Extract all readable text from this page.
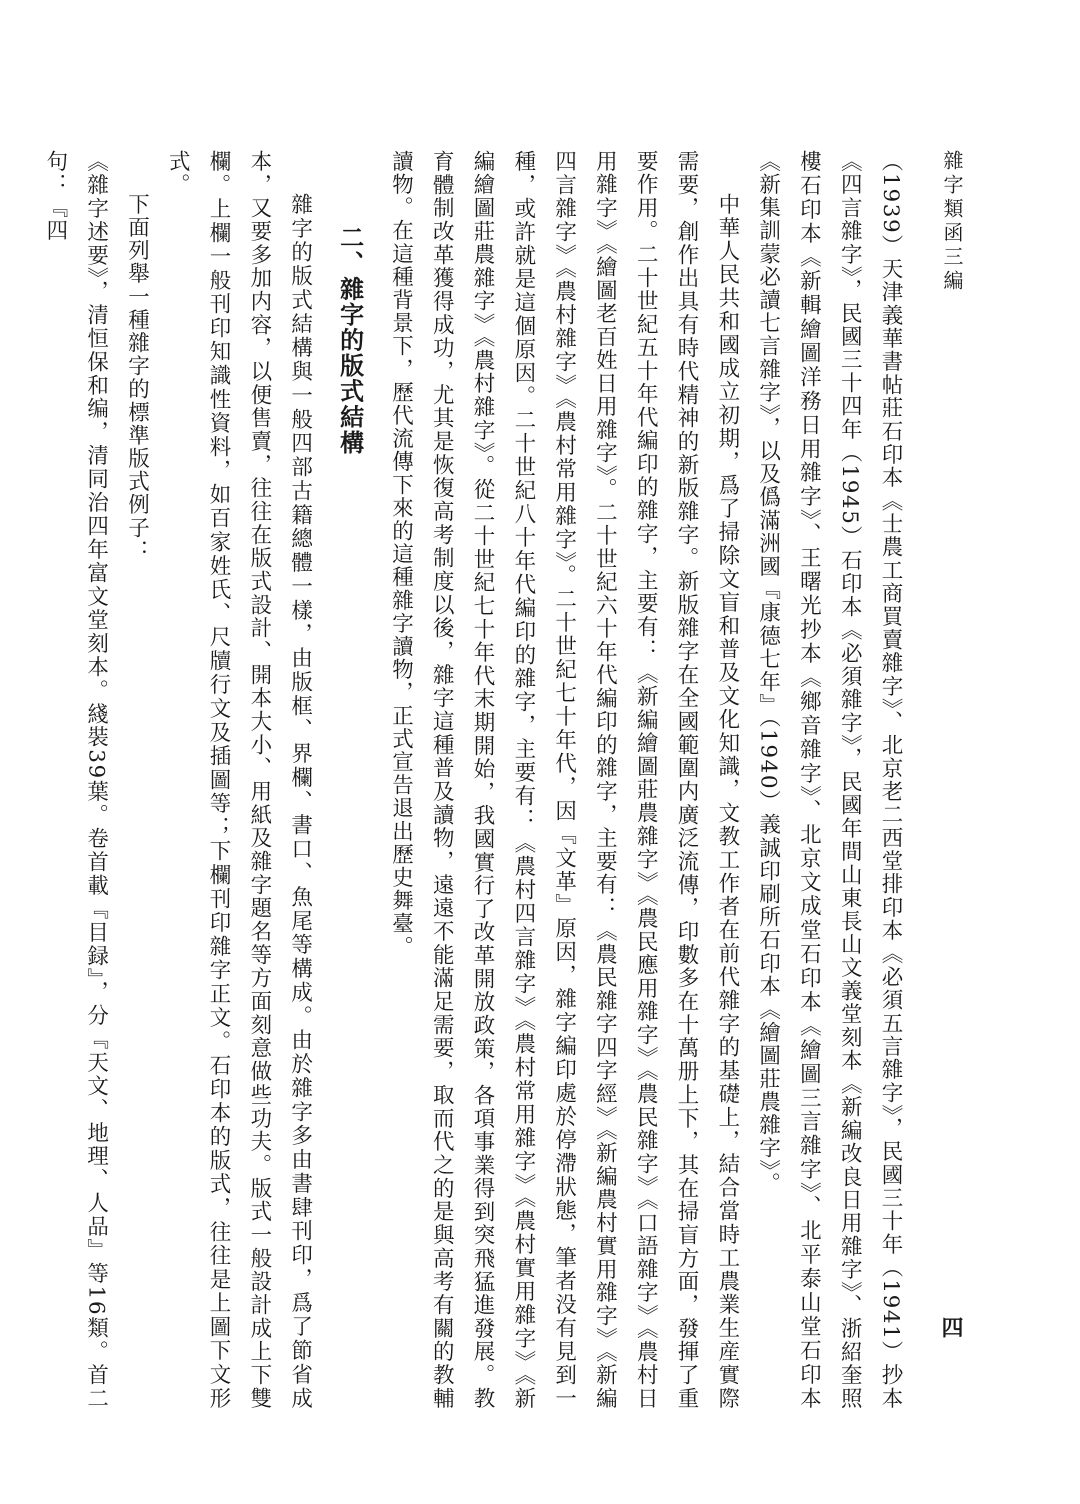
雜字類函三編
四

（1939）天津義華書帖莊石印本《士農工商買賣雜字》、北京老二西堂排印本《必須五言雜字》，民國三十年（1941）抄本《四言雜字》，民國三十四年（1945）石印本《必須雜字》，民國年間山東長山文義堂刻本《新編改良日用雜字》、浙紹奎照樓石印本《新輯繪圖洋務日用雜字》、王曙光抄本《鄉音雜字》、北京文成堂石印本《繪圖三言雜字》、北平泰山堂石印本《新集訓蒙必讀七言雜字》，以及僞滿洲國『康德七年』（1940）義誠印刷所石印本《繪圖莊農雜字》。

中華人民共和國成立初期，爲了掃除文盲和普及文化知識，文教工作者在前代雜字的基礎上，結合當時工農業生産實際需要，創作出具有時代精神的新版雜字。新版雜字在全國範圍内廣泛流傳，印數多在十萬册上下，其在掃盲方面，發揮了重要作用。二十世紀五十年代編印的雜字，主要有：《新編繪圖莊農雜字》《農民應用雜字》《農民雜字》《口語雜字》《農村日用雜字》《繪圖老百姓日用雜字》。二十世紀六十年代編印的雜字，主要有：《農民雜字四字經》《新編農村實用雜字》《新編四言雜字》《農村雜字》《農村常用雜字》。二十世紀七十年代，因『文革』原因，雜字編印處於停滯狀態，筆者没有見到一種，或許就是這個原因。二十世紀八十年代編印的雜字，主要有：《農村四言雜字》《農村常用雜字》《農村實用雜字》《新編繪圖莊農雜字》《農村雜字》。從二十世紀七十年代末期開始，我國實行了改革開放政策，各項事業得到突飛猛進發展。教育體制改革獲得成功，尤其是恢復高考制度以後，雜字這種普及讀物，遠遠不能滿足需要，取而代之的是與高考有關的教輔讀物。在這種背景下，歷代流傳下來的這種雜字讀物，正式宣告退出歷史舞臺。

二、雜字的版式結構

雜字的版式結構與一般四部古籍總體一樣，由版框、界欄、書口、魚尾等構成。由於雜字多由書肆刊印，爲了節省成本，又要多加内容，以便售賣，往往在版式設計、開本大小、用紙及雜字題名等方面刻意做些功夫。版式一般設計成上下雙欄。上欄一般刊印知識性資料，如百家姓氏、尺牘行文及插圖等；下欄刊印雜字正文。石印本的版式，往往是上圖下文形式。

下面列舉一種雜字的標準版式例子：

《雜字述要》，清恒保和编，清同治四年富文堂刻本。綫裝39葉。卷首載『目録』，分『天文、地理、人品』等16類。首二句：『四
